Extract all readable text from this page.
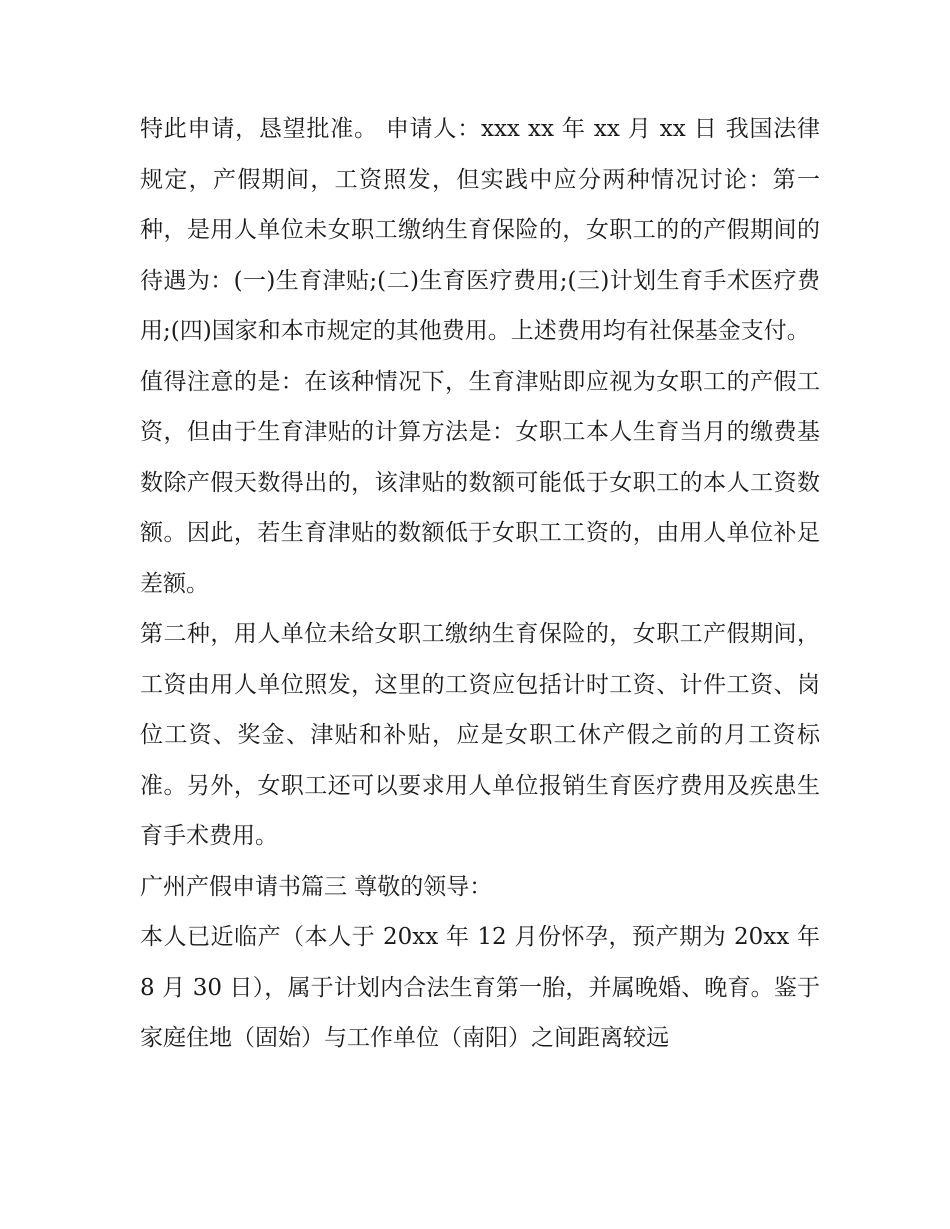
特此申请，恳望批准。 申请人：xxx xx 年 xx 月 xx 日 我国法律规定，产假期间，工资照发，但实践中应分两种情况讨论：第一种，是用人单位未女职工缴纳生育保险的，女职工的的产假期间的待遇为：(一)生育津贴;(二)生育医疗费用;(三)计划生育手术医疗费用;(四)国家和本市规定的其他费用。上述费用均有社保基金支付。

值得注意的是：在该种情况下，生育津贴即应视为女职工的产假工资，但由于生育津贴的计算方法是：女职工本人生育当月的缴费基数除产假天数得出的，该津贴的数额可能低于女职工的本人工资数额。因此，若生育津贴的数额低于女职工工资的，由用人单位补足差额。

第二种，用人单位未给女职工缴纳生育保险的，女职工产假期间，工资由用人单位照发，这里的工资应包括计时工资、计件工资、岗位工资、奖金、津贴和补贴，应是女职工休产假之前的月工资标准。另外，女职工还可以要求用人单位报销生育医疗费用及疾患生育手术费用。

广州产假申请书篇三 尊敬的领导：

本人已近临产（本人于 20xx 年 12 月份怀孕，预产期为 20xx 年 8 月 30 日），属于计划内合法生育第一胎，并属晚婚、晚育。鉴于家庭住地（固始）与工作单位（南阳）之间距离较远
